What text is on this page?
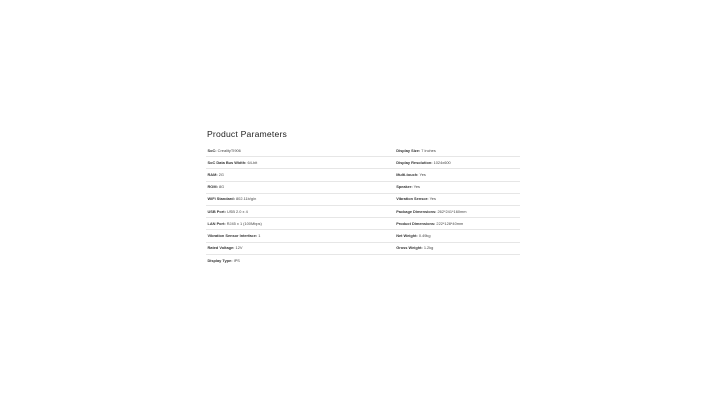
Product Parameters
SoC: CrealityTI906	Display Size: 7 inches
SoC Data Bus Width: 64-bit	Display Resolution: 1024x600
RAM: 2G	Multi-touch: Yes
ROM: 8G	Speaker: Yes
WiFi Standard: 802.11b/g/n	Vibration Sensor: Yes
USB Port: USB 2.0 x 4	Package Dimensions: 262*241*160mm
LAN Port: RJ45 x 1 (100Mbps)	Product Dimensions: 222*128*40mm
Vibration Sensor Interface: 1	Net Weight: 0.49kg
Rated Voltage: 12V	Gross Weight: 1.2kg
Display Type: IPS
